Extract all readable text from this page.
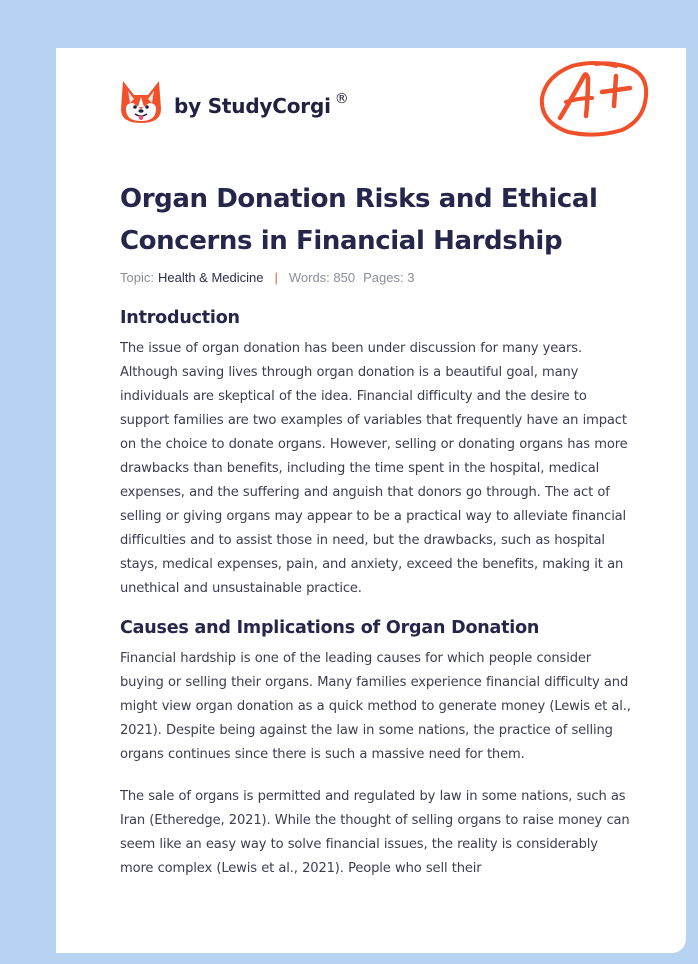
by StudyCorgi ®
Organ Donation Risks and Ethical Concerns in Financial Hardship
Topic: Health & Medicine | Words: 850 Pages: 3
Introduction

The issue of organ donation has been under discussion for many years. Although saving lives through organ donation is a beautiful goal, many individuals are skeptical of the idea. Financial difficulty and the desire to support families are two examples of variables that frequently have an impact on the choice to donate organs. However, selling or donating organs has more drawbacks than benefits, including the time spent in the hospital, medical expenses, and the suffering and anguish that donors go through. The act of selling or giving organs may appear to be a practical way to alleviate financial difficulties and to assist those in need, but the drawbacks, such as hospital stays, medical expenses, pain, and anxiety, exceed the benefits, making it an unethical and unsustainable practice.

Causes and Implications of Organ Donation

Financial hardship is one of the leading causes for which people consider buying or selling their organs. Many families experience financial difficulty and might view organ donation as a quick method to generate money (Lewis et al., 2021). Despite being against the law in some nations, the practice of selling organs continues since there is such a massive need for them.

The sale of organs is permitted and regulated by law in some nations, such as Iran (Etheredge, 2021). While the thought of selling organs to raise money can seem like an easy way to solve financial issues, the reality is considerably more complex (Lewis et al., 2021). People who sell their
